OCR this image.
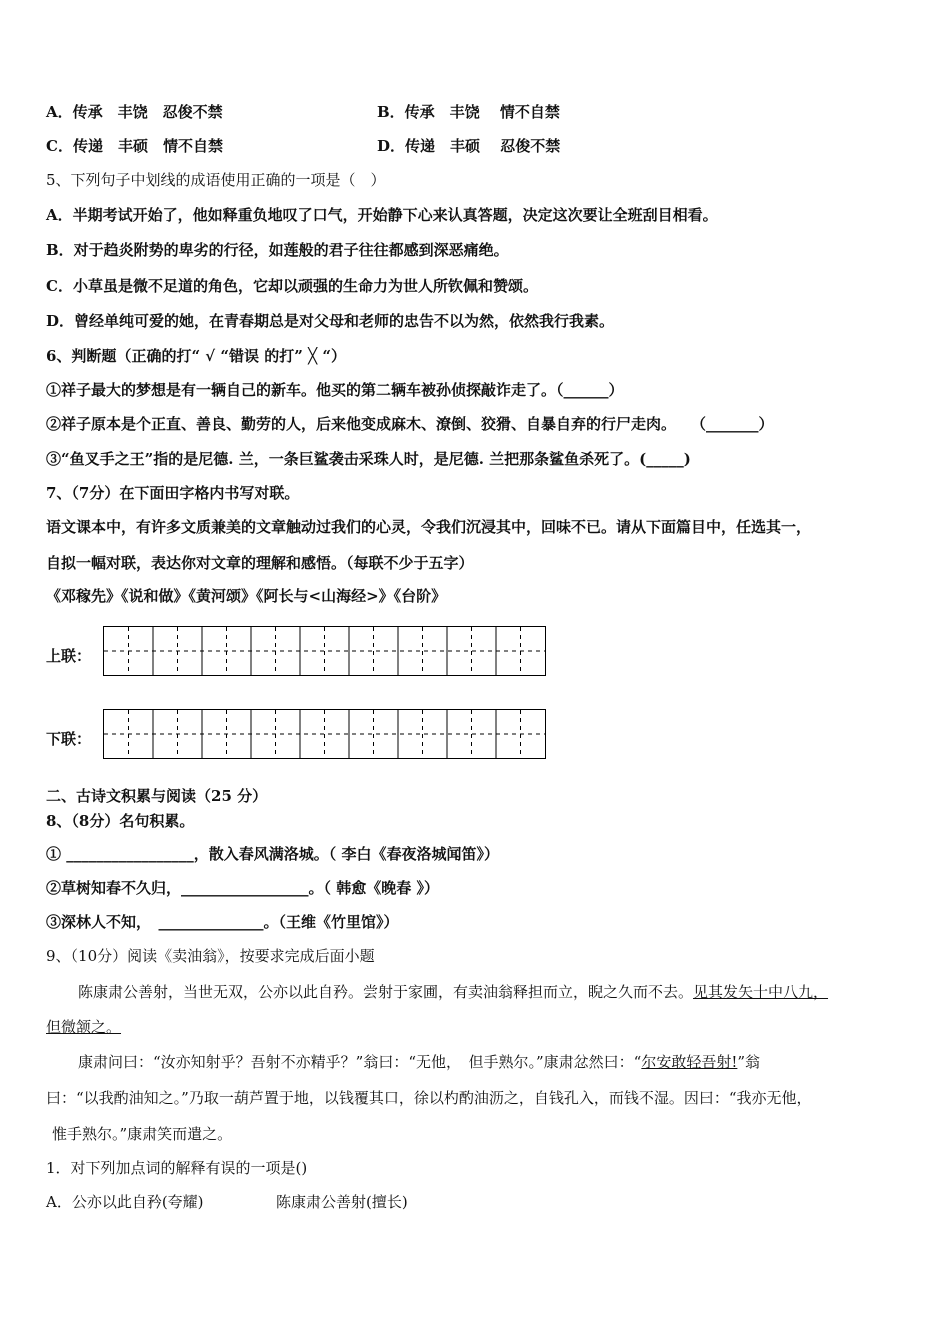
A．传承　丰饶　忍俊不禁	B．传承　丰饶　 情不自禁
C．传递　丰硕　情不自禁	D．传递　丰硕　 忍俊不禁
5、下列句子中划线的成语使用正确的一项是（　）
A．半期考试开始了，他如释重负地叹了口气，开始静下心来认真答题，决定这次要让全班刮目相看。
B．对于趋炎附势的卑劣的行径，如莲般的君子往往都感到深恶痛绝。
C．小草虽是微不足道的角色，它却以顽强的生命力为世人所钦佩和赞颂。
D．曾经单纯可爱的她，在青春期总是对父母和老师的忠告不以为然，依然我行我素。
6、判断题（正确的打“ √ “错误 的打” ╳ “）
①祥子最大的梦想是有一辆自己的新车。他买的第二辆车被孙侦探敲诈走了。（______）
②祥子原本是个正直、善良、勤劳的人，后来他变成麻木、潦倒、狡猾、自暴自弃的行尸走肉。　　（_______）
③“鱼叉手之王”指的是尼德. 兰，一条巨鲨袭击采珠人时，是尼德. 兰把那条鲨鱼杀死了。(_____)
7、（7分）在下面田字格内书写对联。
语文课本中，有许多文质兼美的文章触动过我们的心灵，令我们沉浸其中，回味不已。请从下面篇目中，任选其一，
自拟一幅对联，表达你对文章的理解和感悟。（每联不少于五字）
《邓稼先》《说和做》《黄河颂》《阿长与<山海经>》《台阶》
上联：
下联：
二、古诗文积累与阅读（25 分）
8、（8分）名句积累。
① _________________，散入春风满洛城。（ 李白《春夜洛城闻笛》）
②草树知春不久归，_________________。（ 韩愈《晚春 》）
③深林人不知，　______________。（王维《竹里馆》）
9、（10分）阅读《卖油翁》，按要求完成后面小题
陈康肃公善射，当世无双，公亦以此自矜。尝射于家圃，有卖油翁释担而立，睨之久而不去。见其发矢十中八九，
但微颔之。
康肃问曰：“汝亦知射乎？吾射不亦精乎？”翁曰：“无他，　但手熟尔。”康肃忿然曰：“尔安敢轻吾射!”翁
曰：“以我酌油知之。”乃取一葫芦置于地，以钱覆其口，徐以杓酌油沥之，自钱孔入，而钱不湿。因曰：“我亦无他，
惟手熟尔。”康肃笑而遣之。
1．对下列加点词的解释有误的一项是()
A．公亦以此自矜(夸耀)	陈康肃公善射(擅长)
